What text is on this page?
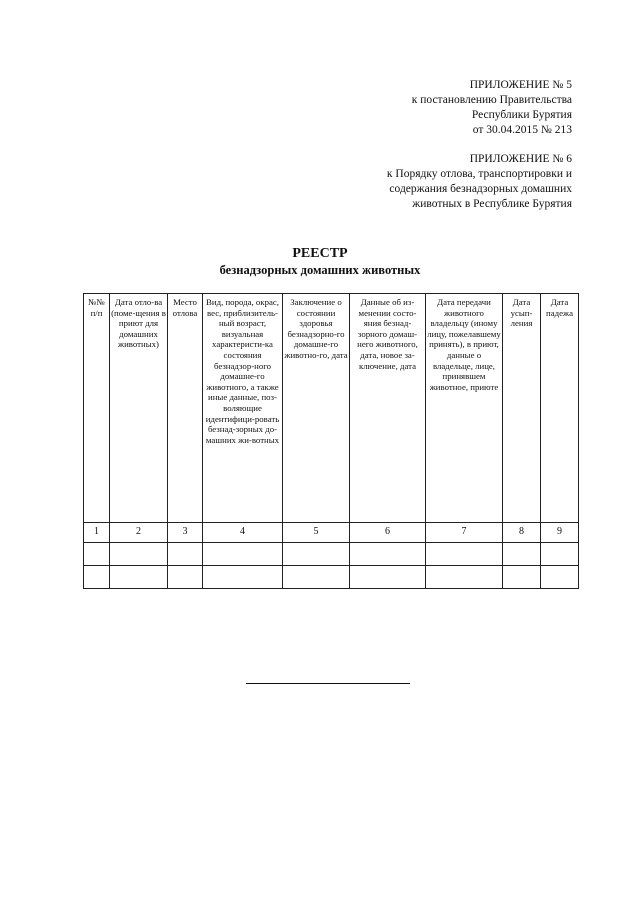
ПРИЛОЖЕНИЕ № 5
к постановлению Правительства
Республики Бурятия
от 30.04.2015 № 213
ПРИЛОЖЕНИЕ № 6
к Порядку отлова, транспортировки и
содержания безнадзорных домашних
животных в Республике Бурятия
РЕЕСТР
безнадзорных домашних животных
№№ п/п	Дата отло-ва (поме-щения в приют для домашних животных)	Место отлова	Вид, порода, окрас, вес, приблизитель-ный возраст, визуальная характеристи-ка состояния безнадзор-ного домашне-го животного, а также иные данные, поз-воляющие идентифици-ровать безнад-зорных до-машних жи-вотных	Заключение о состоянии здоровья безнадзорно-го домашне-го животно-го, дата	Данные об из-менении состо-яния безнад-зорного домаш-него животного, дата, новое за-ключение, дата	Дата передачи животного владельцу (иному лицу, пожелавшему принять), в приют, данные о владельце, лице, принявшем животное, приюте	Дата усып-ления	Дата падежа
1	2	3	4	5	6	7	8	9
